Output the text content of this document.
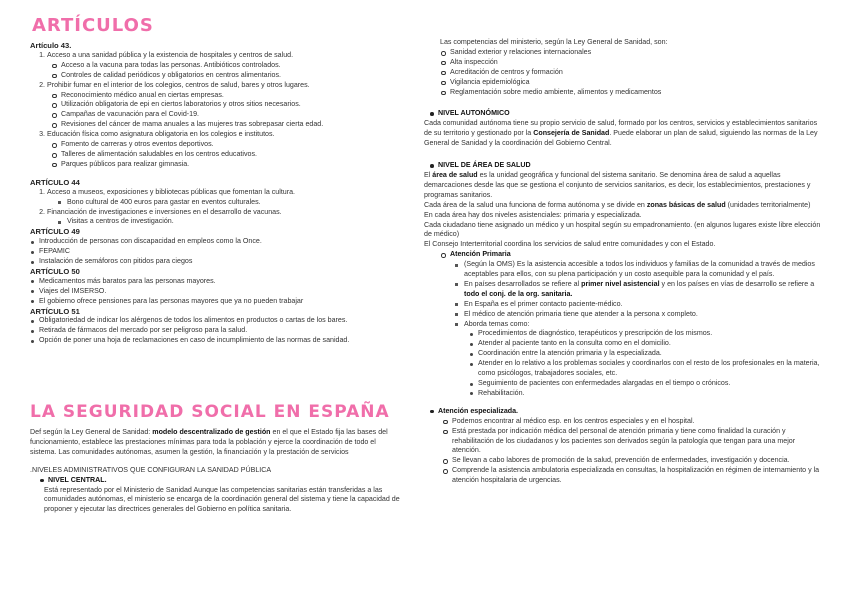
ARTÍCULOS
Artículo 43.
1. Acceso a una sanidad pública y la existencia de hospitales y centros de salud.
Acceso a la vacuna para todas las personas. Antibióticos controlados.
Controles de calidad periódicos y obligatorios en centros alimentarios.
2. Prohibir fumar en el interior de los colegios, centros de salud, bares y otros lugares.
Reconocimiento médico anual en ciertas empresas.
Utilización obligatoria de epi en ciertos laboratorios y otros sitios necesarios.
Campañas de vacunación para el Covid-19.
Revisiones del cáncer de mama anuales a las mujeres tras sobrepasar cierta edad.
3. Educación física como asignatura obligatoria en los colegios e institutos.
Fomento de carreras y otros eventos deportivos.
Talleres de alimentación saludables en los centros educativos.
Parques públicos para realizar gimnasia.
ARTÍCULO 44
1. Acceso a museos, exposiciones y bibliotecas públicas que fomentan la cultura.
Bono cultural de 400 euros para gastar en eventos culturales.
2. Financiación de investigaciones e inversiones en el desarrollo de vacunas.
Visitas a centros de investigación.
ARTÍCULO 49
Introducción de personas con discapacidad en empleos como la Once.
FEPAMIC
Instalación de semáforos con pitidos para ciegos
ARTÍCULO 50
Medicamentos más baratos para las personas mayores.
Viajes del IMSERSO.
El gobierno ofrece pensiones para las personas mayores que ya no pueden trabajar
ARTÍCULO 51
Obligatoriedad de indicar los alérgenos de todos los alimentos en productos o cartas de los bares.
Retirada de fármacos del mercado por ser peligroso para la salud.
Opción de poner una hoja de reclamaciones en caso de incumplimiento de las normas de sanidad.
LA SEGURIDAD SOCIAL EN ESPAÑA

Def según la Ley General de Sanidad: modelo descentralizado de gestión en el que el Estado fija las bases del funcionamiento, establece las prestaciones mínimas para toda la población y ejerce la coordinación de todo el sistema. Las comunidades autónomas, asumen la gestión, la financiación y la prestación de servicios

.NIVELES ADMINISTRATIVOS QUE CONFIGURAN LA SANIDAD PÚBLICA

NIVEL CENTRAL.

Está representado por el Ministerio de Sanidad Aunque las competencias sanitarias están transferidas a las comunidades autónomas, el ministerio se encarga de la coordinación general del sistema y tiene la capacidad de proponer y ejecutar las directrices generales del Gobierno en política sanitaria.

Las competencias del ministerio, según la Ley General de Sanidad, son:

Sanidad exterior y relaciones internacionales
Alta inspección
Acreditación de centros y formación
Vigilancia epidemiológica
Reglamentación sobre medio ambiente, alimentos y medicamentos
NIVEL AUTONÓMICO

Cada comunidad autónoma tiene su propio servicio de salud, formado por los centros, servicios y establecimientos sanitarios de su territorio y gestionado por la Consejería de Sanidad. Puede elaborar un plan de salud, siguiendo las normas de la Ley General de Sanidad y la coordinación del Gobierno Central.

NIVEL DE ÁREA DE SALUD

El área de salud es la unidad geográfica y funcional del sistema sanitario. Se denomina área de salud a aquellas demarcaciones desde las que se gestiona el conjunto de servicios sanitarios, es decir, los establecimientos, prestaciones y programas sanitarios.

Cada área de la salud una funciona de forma autónoma y se divide en zonas básicas de salud (unidades territorialmente)

En cada área hay dos niveles asistenciales: primaria y especializada.

Cada ciudadano tiene asignado un médico y un hospital según su empadronamiento. (en algunos lugares existe libre elección de médico)

El Consejo Interterritorial coordina los servicios de salud entre comunidades y con el Estado.

Atención Primaria
(Según la OMS) Es la asistencia accesible a todos los individuos y familias de la comunidad a través de medios aceptables para ellos, con su plena participación y un costo asequible para la comunidad y el país.
En países desarrollados se refiere al primer nivel asistencial y en los países en vías de desarrollo se refiere a todo el conj. de la org. sanitaria.
En España es el primer contacto paciente-médico.
El médico de atención primaria tiene que atender a la persona x completo.
Aborda temas como:
Procedimientos de diagnóstico, terapéuticos y prescripción de los mismos.
Atender al paciente tanto en la consulta como en el domicilio.
Coordinación entre la atención primaria y la especializada.
Atender en lo relativo a los problemas sociales y coordinarlos con el resto de los profesionales en la materia, como psicólogos, trabajadores sociales, etc.
Seguimiento de pacientes con enfermedades alargadas en el tiempo o crónicos.
Rehabilitación.
Atención especializada.
Podemos encontrar al médico esp. en los centros especiales y en el hospital.
Está prestada por indicación médica del personal de atención primaria y tiene como finalidad la curación y rehabilitación de los ciudadanos y los pacientes son derivados según la patología que tengan para una mejor atención.
Se llevan a cabo labores de promoción de la salud, prevención de enfermedades, investigación y docencia.
Comprende la asistencia ambulatoria especializada en consultas, la hospitalización en régimen de internamiento y la atención hospitalaria de urgencias.
